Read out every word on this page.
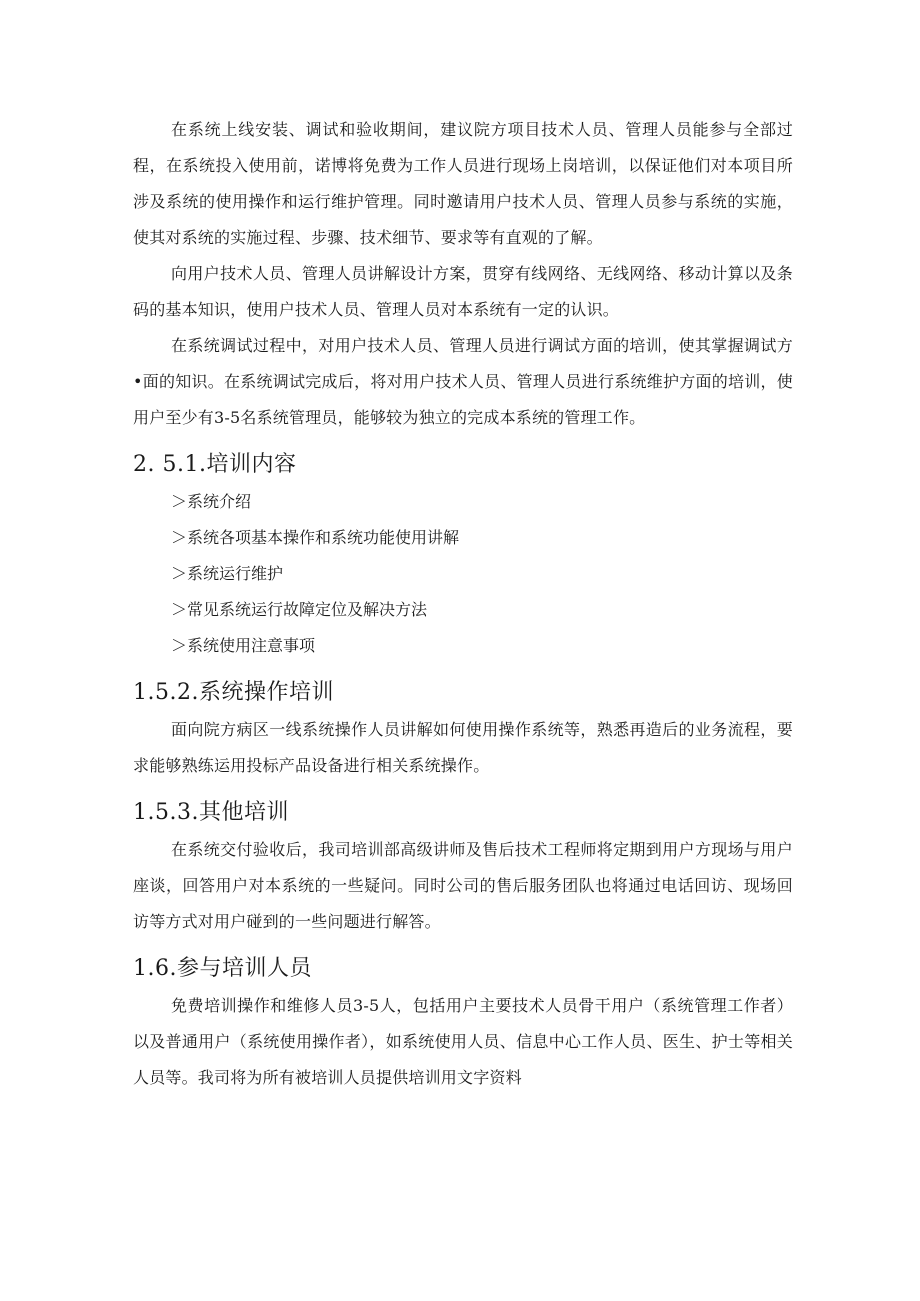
在系统上线安装、调试和验收期间，建议院方项目技术人员、管理人员能参与全部过程，在系统投入使用前，诺博将免费为工作人员进行现场上岗培训，以保证他们对本项目所涉及系统的使用操作和运行维护管理。同时邀请用户技术人员、管理人员参与系统的实施，使其对系统的实施过程、步骤、技术细节、要求等有直观的了解。

向用户技术人员、管理人员讲解设计方案，贯穿有线网络、无线网络、移动计算以及条码的基本知识，使用户技术人员、管理人员对本系统有一定的认识。

在系统调试过程中，对用户技术人员、管理人员进行调试方面的培训，使其掌握调试方•面的知识。在系统调试完成后，将对用户技术人员、管理人员进行系统维护方面的培训，使用户至少有3-5名系统管理员，能够较为独立的完成本系统的管理工作。

2. 5.1.培训内容
＞系统介绍
＞系统各项基本操作和系统功能使用讲解
＞系统运行维护
＞常见系统运行故障定位及解决方法
＞系统使用注意事项
1.5.2.系统操作培训

面向院方病区一线系统操作人员讲解如何使用操作系统等，熟悉再造后的业务流程，要求能够熟练运用投标产品设备进行相关系统操作。

1.5.3.其他培训

在系统交付验收后，我司培训部高级讲师及售后技术工程师将定期到用户方现场与用户座谈，回答用户对本系统的一些疑问。同时公司的售后服务团队也将通过电话回访、现场回访等方式对用户碰到的一些问题进行解答。

1.6.参与培训人员

免费培训操作和维修人员3-5人，包括用户主要技术人员骨干用户（系统管理工作者）以及普通用户（系统使用操作者），如系统使用人员、信息中心工作人员、医生、护士等相关人员等。我司将为所有被培训人员提供培训用文字资料
